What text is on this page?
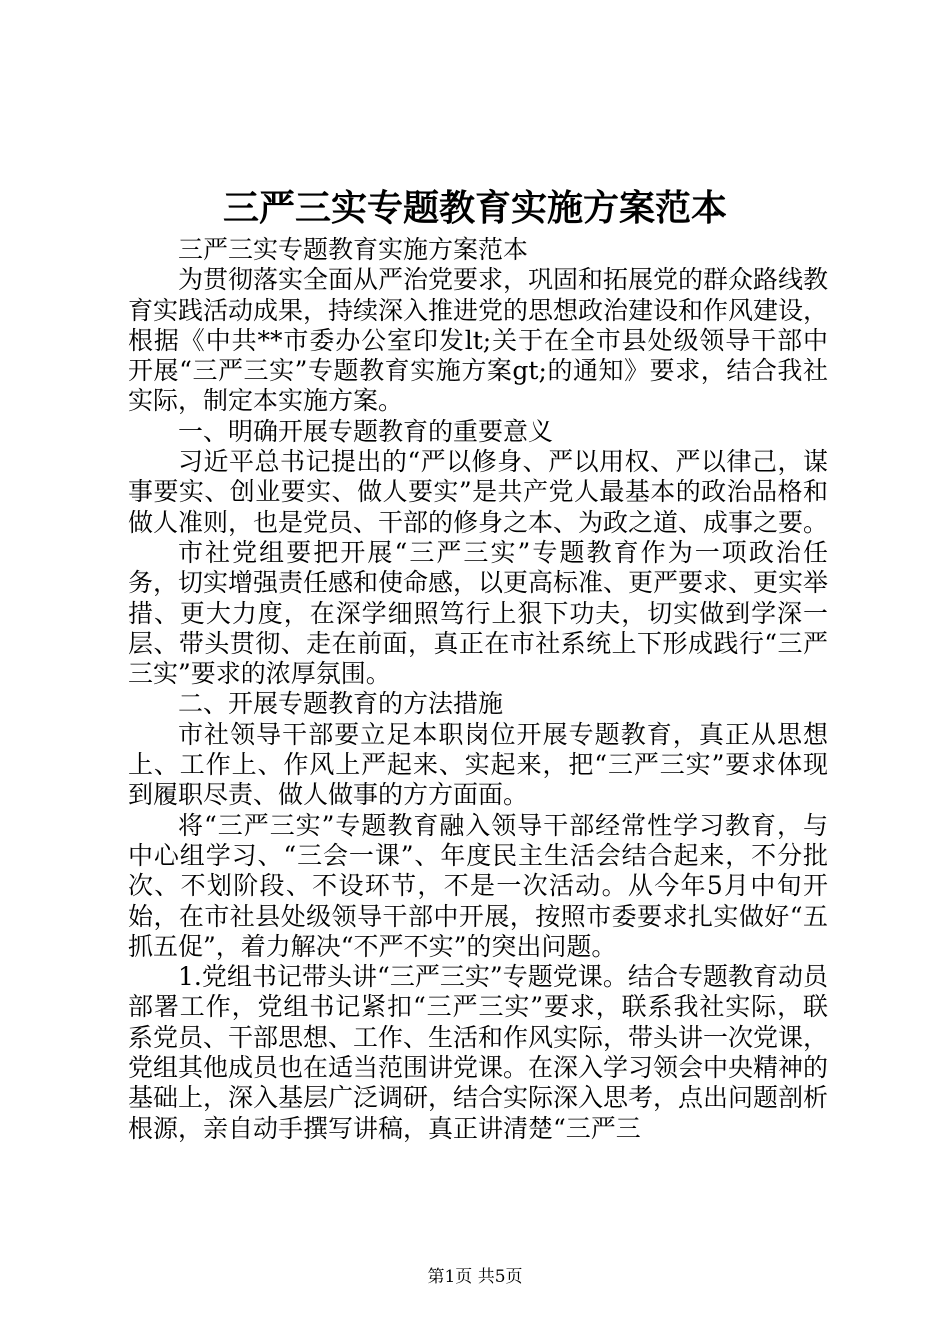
三严三实专题教育实施方案范本

三严三实专题教育实施方案范本

为贯彻落实全面从严治党要求，巩固和拓展党的群众路线教育实践活动成果，持续深入推进党的思想政治建设和作风建设，根据《中共**市委办公室印发lt;关于在全市县处级领导干部中开展“三严三实”专题教育实施方案gt;的通知》要求，结合我社实际，制定本实施方案。

一、明确开展专题教育的重要意义

习近平总书记提出的“严以修身、严以用权、严以律己，谋事要实、创业要实、做人要实”是共产党人最基本的政治品格和做人准则，也是党员、干部的修身之本、为政之道、成事之要。

市社党组要把开展“三严三实”专题教育作为一项政治任务，切实增强责任感和使命感，以更高标准、更严要求、更实举措、更大力度，在深学细照笃行上狠下功夫，切实做到学深一层、带头贯彻、走在前面，真正在市社系统上下形成践行“三严三实”要求的浓厚氛围。

二、开展专题教育的方法措施

市社领导干部要立足本职岗位开展专题教育，真正从思想上、工作上、作风上严起来、实起来，把“三严三实”要求体现到履职尽责、做人做事的方方面面。

将“三严三实”专题教育融入领导干部经常性学习教育，与中心组学习、“三会一课”、年度民主生活会结合起来，不分批次、不划阶段、不设环节，不是一次活动。从今年5月中旬开始，在市社县处级领导干部中开展，按照市委要求扎实做好“五抓五促”，着力解决“不严不实”的突出问题。

1.党组书记带头讲“三严三实”专题党课。结合专题教育动员部署工作，党组书记紧扣“三严三实”要求，联系我社实际，联系党员、干部思想、工作、生活和作风实际，带头讲一次党课，党组其他成员也在适当范围讲党课。在深入学习领会中央精神的基础上，深入基层广泛调研，结合实际深入思考，点出问题剖析根源，亲自动手撰写讲稿，真正讲清楚“三严三

第1页 共5页
